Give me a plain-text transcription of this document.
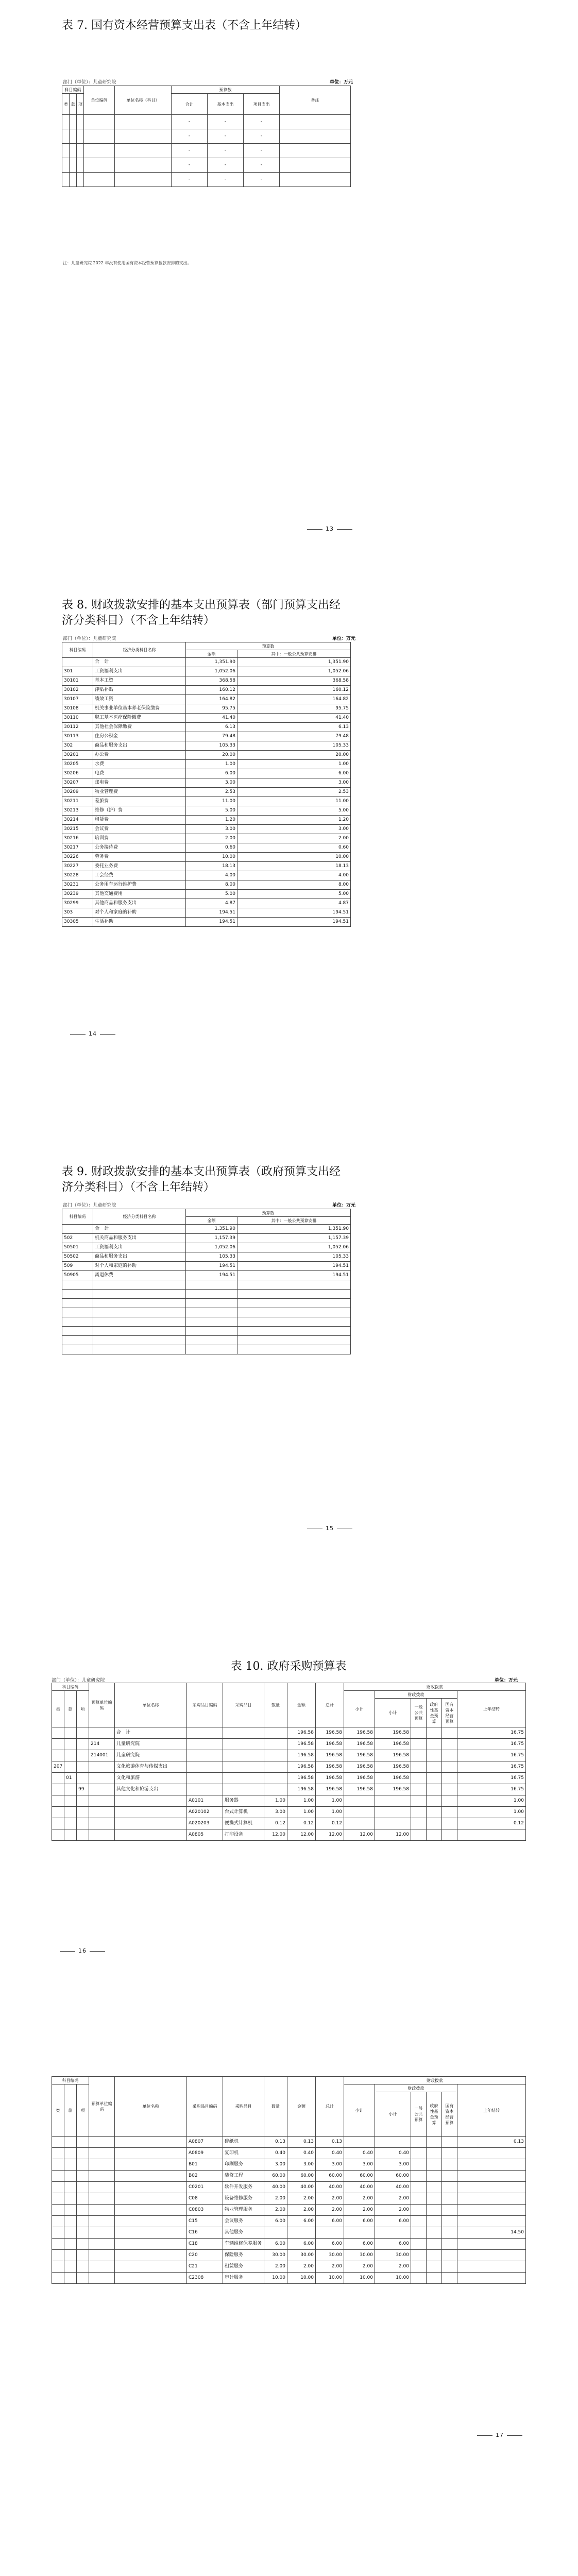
表 7. 国有资本经营预算支出表（不含上年结转）
部门（单位）：儿童研究院	单位：万元
科目编码			单位编码	单位名称（科目）	预算数			备注
类	款	项			合计	基本支出	项目支出	

					-	-	-	
					-	-	-	
					-	-	-	
					-	-	-	
					-	-	-	
注：儿童研究院 2022 年没有使用国有资本经营预算拨款安排的支出。
13
表 8. 财政拨款安排的基本支出预算表（部门预算支出经济分类科目）（不含上年结转）
部门（单位）：儿童研究院	单位：万元
科目编码	经济分类科目名称	预算数	
		金额	其中：一般公共预算安排
	合　计	1,351.90	1,351.90
301	工资福利支出	1,052.06	1,052.06
30101	基本工资	368.58	368.58
30102	津贴补贴	160.12	160.12
30107	绩效工资	164.82	164.82
30108	机关事业单位基本养老保险缴费	95.75	95.75
30110	职工基本医疗保险缴费	41.40	41.40
30112	其他社会保障缴费	6.13	6.13
30113	住房公积金	79.48	79.48
302	商品和服务支出	105.33	105.33
30201	办公费	20.00	20.00
30205	水费	1.00	1.00
30206	电费	6.00	6.00
30207	邮电费	3.00	3.00
30209	物业管理费	2.53	2.53
30211	差旅费	11.00	11.00
30213	维修（护）费	5.00	5.00
30214	租赁费	1.20	1.20
30215	会议费	3.00	3.00
30216	培训费	2.00	2.00
30217	公务接待费	0.60	0.60
30226	劳务费	10.00	10.00
30227	委托业务费	18.13	18.13
30228	工会经费	4.00	4.00
30231	公务用车运行维护费	8.00	8.00
30239	其他交通费用	5.00	5.00
30299	其他商品和服务支出	4.87	4.87
303	对个人和家庭的补助	194.51	194.51
30305	生活补助	194.51	194.51
14
表 9. 财政拨款安排的基本支出预算表（政府预算支出经济分类科目）（不含上年结转）
部门（单位）：儿童研究院	单位：万元
科目编码	经济分类科目名称	预算数	
		金额	其中：一般公共预算安排
	合　计	1,351.90	1,351.90
502	机关商品和服务支出	1,157.39	1,157.39
50501	工资福利支出	1,052.06	1,052.06
50502	商品和服务支出	105.33	105.33
509	对个人和家庭的补助	194.51	194.51
50905	离退休费	194.51	194.51

15
表 10. 政府采购预算表
部门（单位）：儿童研究院	单位：万元
科目编码			预算单位编码	单位名称	采购品目编码	采购品目	数量	金额	总计	财政拨款					
类	款	项								小计	财政拨款				上年结转
											小计	一般公共预算	政府性基金预算	国有资本经营预算	

				合　计				196.58	196.58	196.58	196.58				16.75
			214	儿童研究院				196.58	196.58	196.58	196.58				16.75
			214001	儿童研究院				196.58	196.58	196.58	196.58				16.75
207				文化旅游体育与传媒支出				196.58	196.58	196.58	196.58				16.75
	01			文化和旅游				196.58	196.58	196.58	196.58				16.75
		99		其他文化和旅游支出				196.58	196.58	196.58	196.58				16.75
					A0101	服务器	1.00	1.00	1.00						1.00
					A020102	台式计算机	3.00	1.00	1.00						1.00
					A020203	便携式计算机	0.12	0.12	0.12						0.12
					A0805	打印设备	12.00	12.00	12.00	12.00	12.00				
16
科目编码			预算单位编码	单位名称	采购品目编码	采购品目	数量	金额	总计	财政拨款					
类	款	项								小计	财政拨款				上年结转
											小计	一般公共预算	政府性基金预算	国有资本经营预算	

					A0807	碎纸机	0.13	0.13	0.13						0.13
					A0809	复印机	0.40	0.40	0.40	0.40	0.40				
					B01	印刷服务	3.00	3.00	3.00	3.00	3.00				
					B02	装修工程	60.00	60.00	60.00	60.00	60.00				
					C0201	软件开发服务	40.00	40.00	40.00	40.00	40.00				
					C08	设备维修服务	2.00	2.00	2.00	2.00	2.00				
					C0803	物业管理服务	2.00	2.00	2.00	2.00	2.00				
					C15	会议服务	6.00	6.00	6.00	6.00	6.00				
					C16	其他服务									14.50
					C18	车辆维修保养服务	6.00	6.00	6.00	6.00	6.00				
					C20	保险服务	30.00	30.00	30.00	30.00	30.00				
					C21	租赁服务	2.00	2.00	2.00	2.00	2.00				
					C2308	审计服务	10.00	10.00	10.00	10.00	10.00				
17
